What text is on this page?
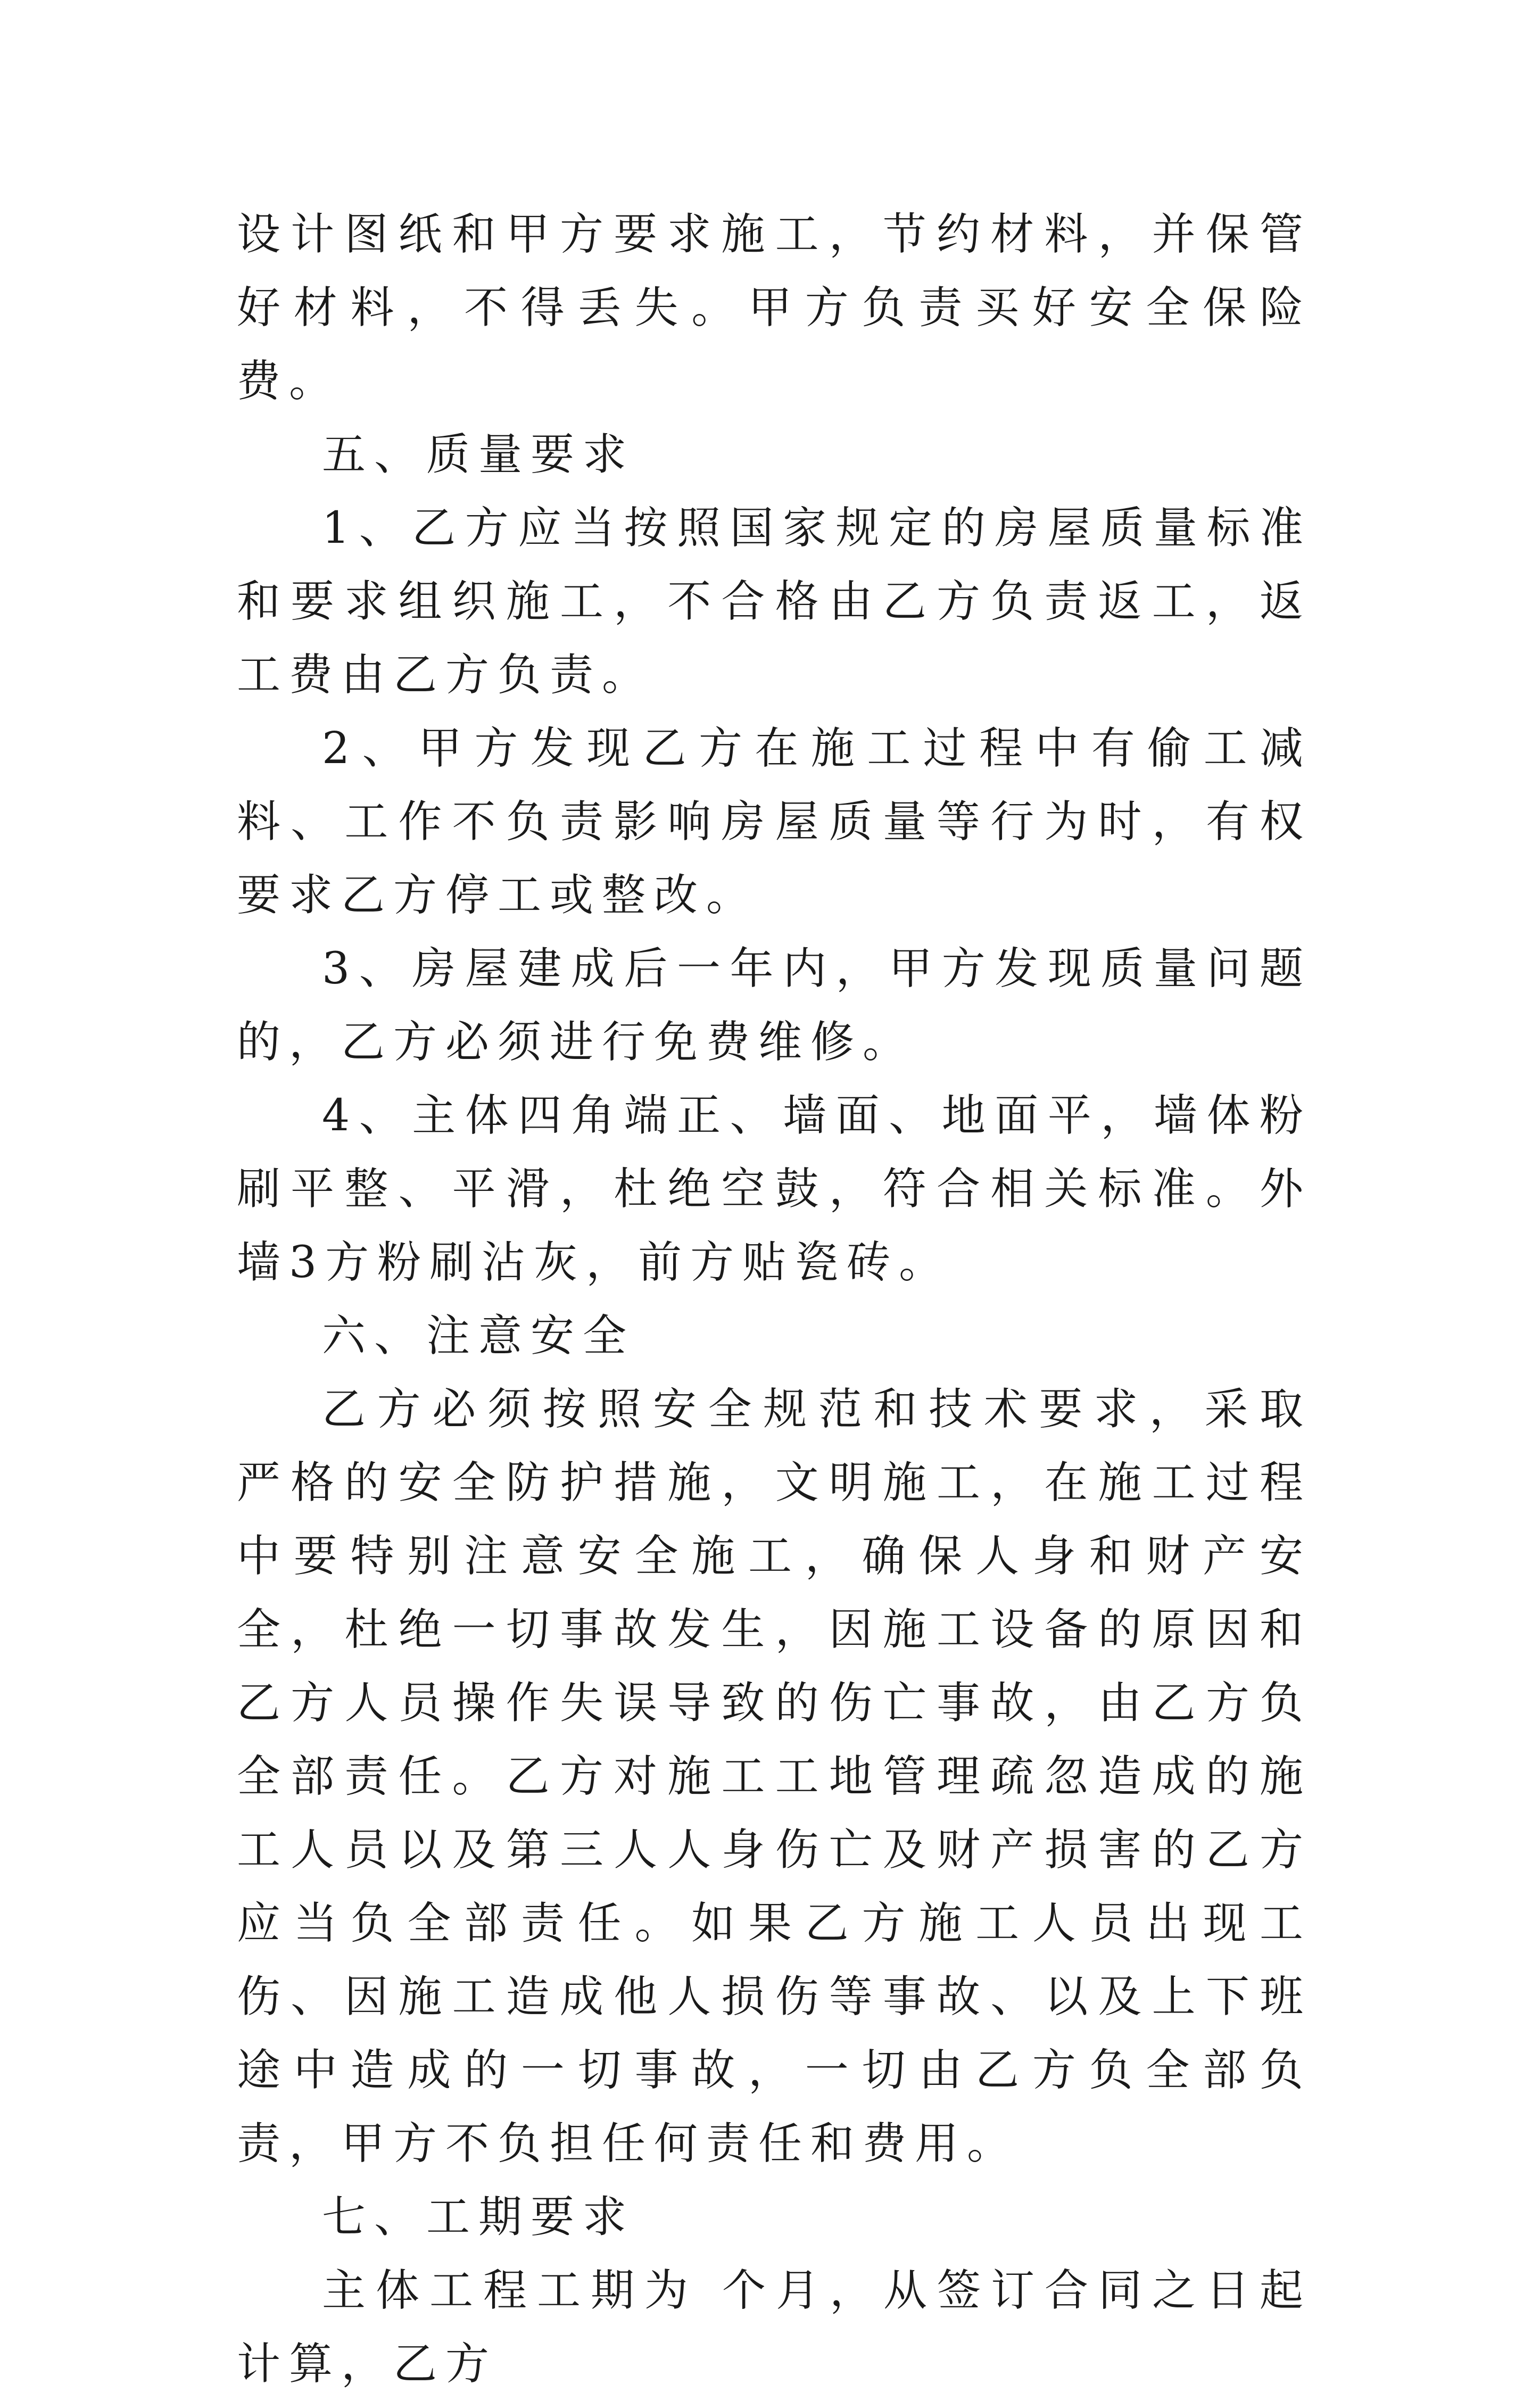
设计图纸和甲方要求施工，节约材料，并保管好材料，不得丢失。甲方负责买好安全保险费。

五、质量要求

1、乙方应当按照国家规定的房屋质量标准和要求组织施工，不合格由乙方负责返工，返工费由乙方负责。

2、甲方发现乙方在施工过程中有偷工减料、工作不负责影响房屋质量等行为时，有权要求乙方停工或整改。

3、房屋建成后一年内，甲方发现质量问题的，乙方必须进行免费维修。

4、主体四角端正、墙面、地面平，墙体粉刷平整、平滑，杜绝空鼓，符合相关标准。外墙3方粉刷沾灰，前方贴瓷砖。

六、注意安全

乙方必须按照安全规范和技术要求，采取严格的安全防护措施，文明施工，在施工过程中要特别注意安全施工，确保人身和财产安全，杜绝一切事故发生，因施工设备的原因和乙方人员操作失误导致的伤亡事故，由乙方负全部责任。乙方对施工工地管理疏忽造成的施工人员以及第三人人身伤亡及财产损害的乙方应当负全部责任。如果乙方施工人员出现工伤、因施工造成他人损伤等事故、以及上下班途中造成的一切事故，一切由乙方负全部负责，甲方不负担任何责任和费用。

七、工期要求

主体工程工期为 个月，从签订合同之日起计算，乙方
